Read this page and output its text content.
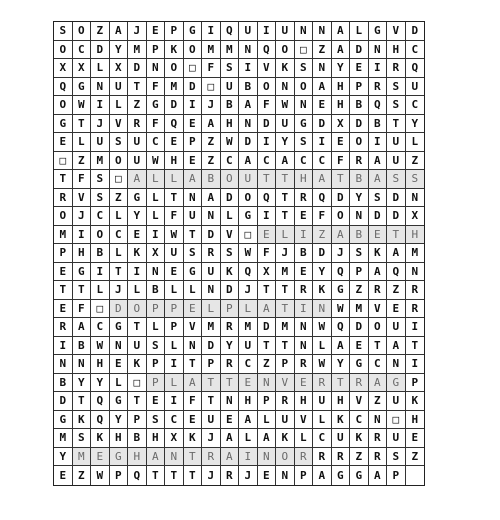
S	O	Z	A	J	E	P	G	I	Q	U	I	U	N	N	A	L	G	V	D
O	C	D	Y	M	P	K	O	M	M	N	Q	O	□	Z	A	D	N	H	C
X	X	L	X	D	N	O	□	F	S	I	V	K	S	N	Y	E	I	R	Q
Q	G	N	U	T	F	M	D	□	U	B	O	N	O	A	H	P	R	S	U
O	W	I	L	Z	G	D	I	J	B	A	F	W	N	E	H	B	Q	S	C
G	T	J	V	R	F	Q	E	A	H	N	D	U	G	D	X	D	B	T	Y
E	L	U	S	U	C	E	P	Z	W	D	I	Y	S	I	E	O	I	U	L
□	Z	M	O	U	W	H	E	Z	C	A	C	A	C	C	F	R	A	U	Z
T	F	S	□	A	L	L	A	B	O	U	T	T	H	A	T	B	A	S	S
R	V	S	Z	G	L	T	N	A	D	O	Q	T	R	Q	D	Y	S	D	N
O	J	C	L	Y	L	F	U	N	L	G	I	T	E	F	O	N	D	D	X
M	I	O	C	E	I	W	T	D	V	□	E	L	I	Z	A	B	E	T	H
P	H	B	L	K	X	U	S	R	S	W	F	J	B	D	J	S	K	A	M
E	G	I	T	I	N	E	G	U	K	Q	X	M	E	Y	Q	P	A	Q	N
T	T	L	J	L	B	L	L	N	D	J	T	T	R	K	G	Z	R	Z	R
E	F	□	D	O	P	P	E	L	P	L	A	T	I	N	W	M	V	E	R
R	A	C	G	T	L	P	V	M	R	M	D	M	N	W	Q	D	O	U	I
I	B	W	N	U	S	L	N	D	Y	U	T	T	N	L	A	E	T	A	T
N	N	H	E	K	P	I	T	P	R	C	Z	P	R	W	Y	G	C	N	I
B	Y	Y	L	□	P	L	A	T	T	E	N	V	E	R	T	R	A	G	P
D	T	Q	G	T	E	I	F	T	N	H	P	R	H	U	H	V	Z	U	K
G	K	Q	Y	P	S	C	E	U	E	A	L	U	V	L	K	C	N	□	H
M	S	K	H	B	H	X	K	J	A	L	A	K	L	C	U	K	R	U	E
Y	M	E	G	H	A	N	T	R	A	I	N	O	R	R	R	Z	R	S	Z
E	Z	W	P	Q	T	T	T	J	R	J	E	N	P	A	G	G	A	P
